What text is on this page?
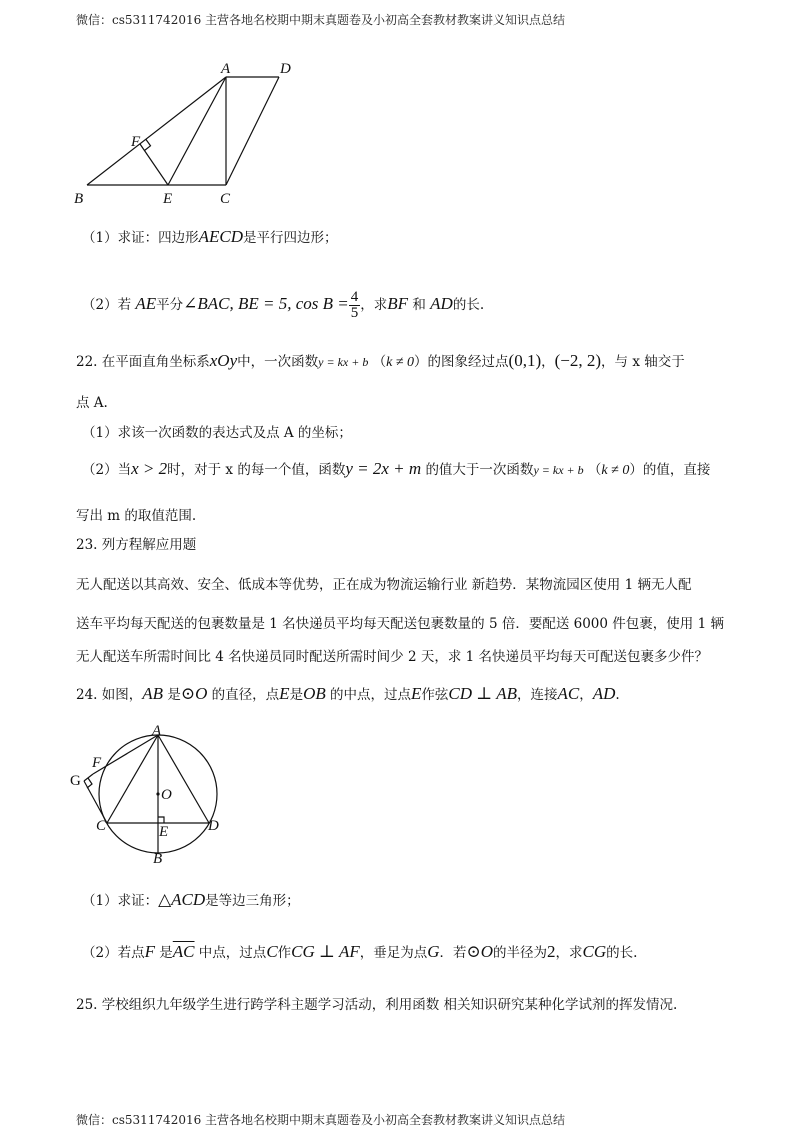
微信：cs5311742016 主营各地名校期中期末真题卷及小初高全套教材教案讲义知识点总结
A	D
F
B	E	C
（1）求证：四边形AECD是平行四边形；
（2）若 AE平分∠BAC, BE = 5, $\cos B = \frac{4}{5}$ ，求BF 和 AD的长.
22. 在平面直角坐标系xOy中，一次函数y = kx + b （k ≠ 0）的图象经过点(0,1)，(−2, 2)，与 x 轴交于
点 A.
（1）求该一次函数的表达式及点 A 的坐标；
（2）当x > 2时，对于 x 的每一个值，函数y = 2x + m 的值大于一次函数y = kx + b （k ≠ 0）的值，直接
写出 m 的取值范围.
23. 列方程解应用题
无人配送以其高效、安全、低成本等优势，正在成为物流运输行业 新趋势．某物流园区使用 1 辆无人配
送车平均每天配送的包裹数量是 1 名快递员平均每天配送包裹数量的 5 倍．要配送 6000 件包裹，使用 1 辆
无人配送车所需时间比 4 名快递员同时配送所需时间少 2 天，求 1 名快递员平均每天可配送包裹多少件？
24. 如图，AB 是⊙O 的直径，点E是OB 的中点，过点E作弦CD ⊥ AB，连接AC，AD.
A
G
F
O
C	E	D
B
（1）求证：△ACD是等边三角形；
（2）若点F 是$\overline{AC}$ 中点，过点C作CG ⊥ AF，垂足为点G．若⊙O的半径为2，求CG的长.
25. 学校组织九年级学生进行跨学科主题学习活动，利用函数 相关知识研究某种化学试剂的挥发情况.
微信：cs5311742016 主营各地名校期中期末真题卷及小初高全套教材教案讲义知识点总结
